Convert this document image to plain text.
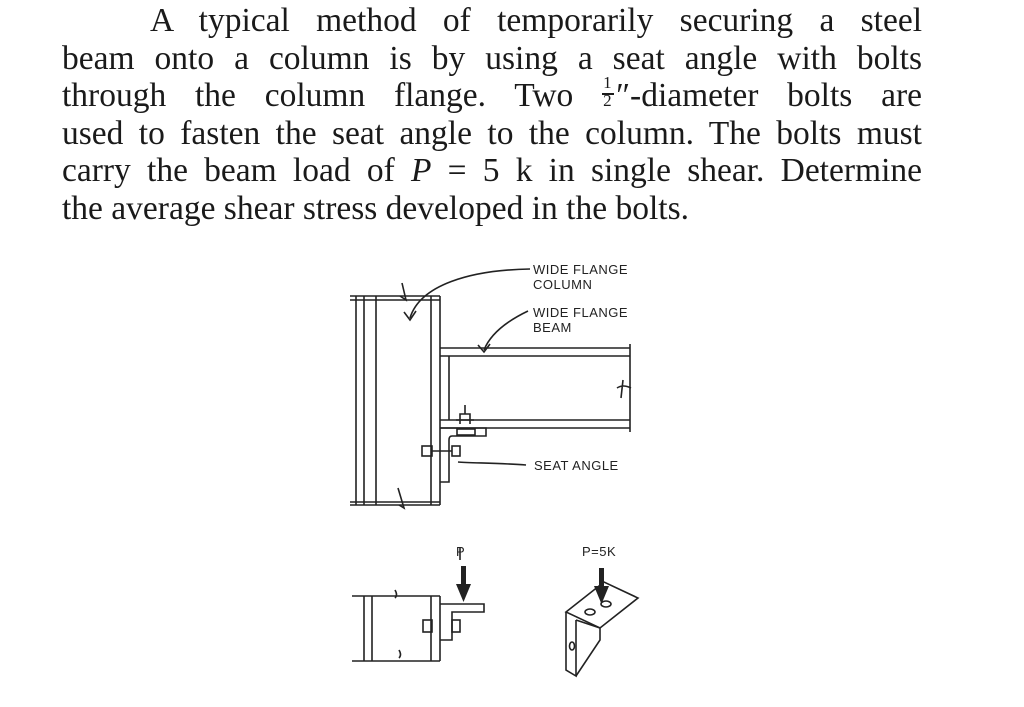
A typical method of temporarily securing a steel
beam onto a column is by using a seat angle with bolts
through the column flange. Two $\frac{1}{2}$ ″-diameter bolts are
used to fasten the seat angle to the column. The bolts must
carry the beam load of P = 5 k in single shear. Determine
the average shear stress developed in the bolts.
WIDE FLANGE
COLUMN
WIDE FLANGE
BEAM
SEAT ANGLE
P	P=5K
